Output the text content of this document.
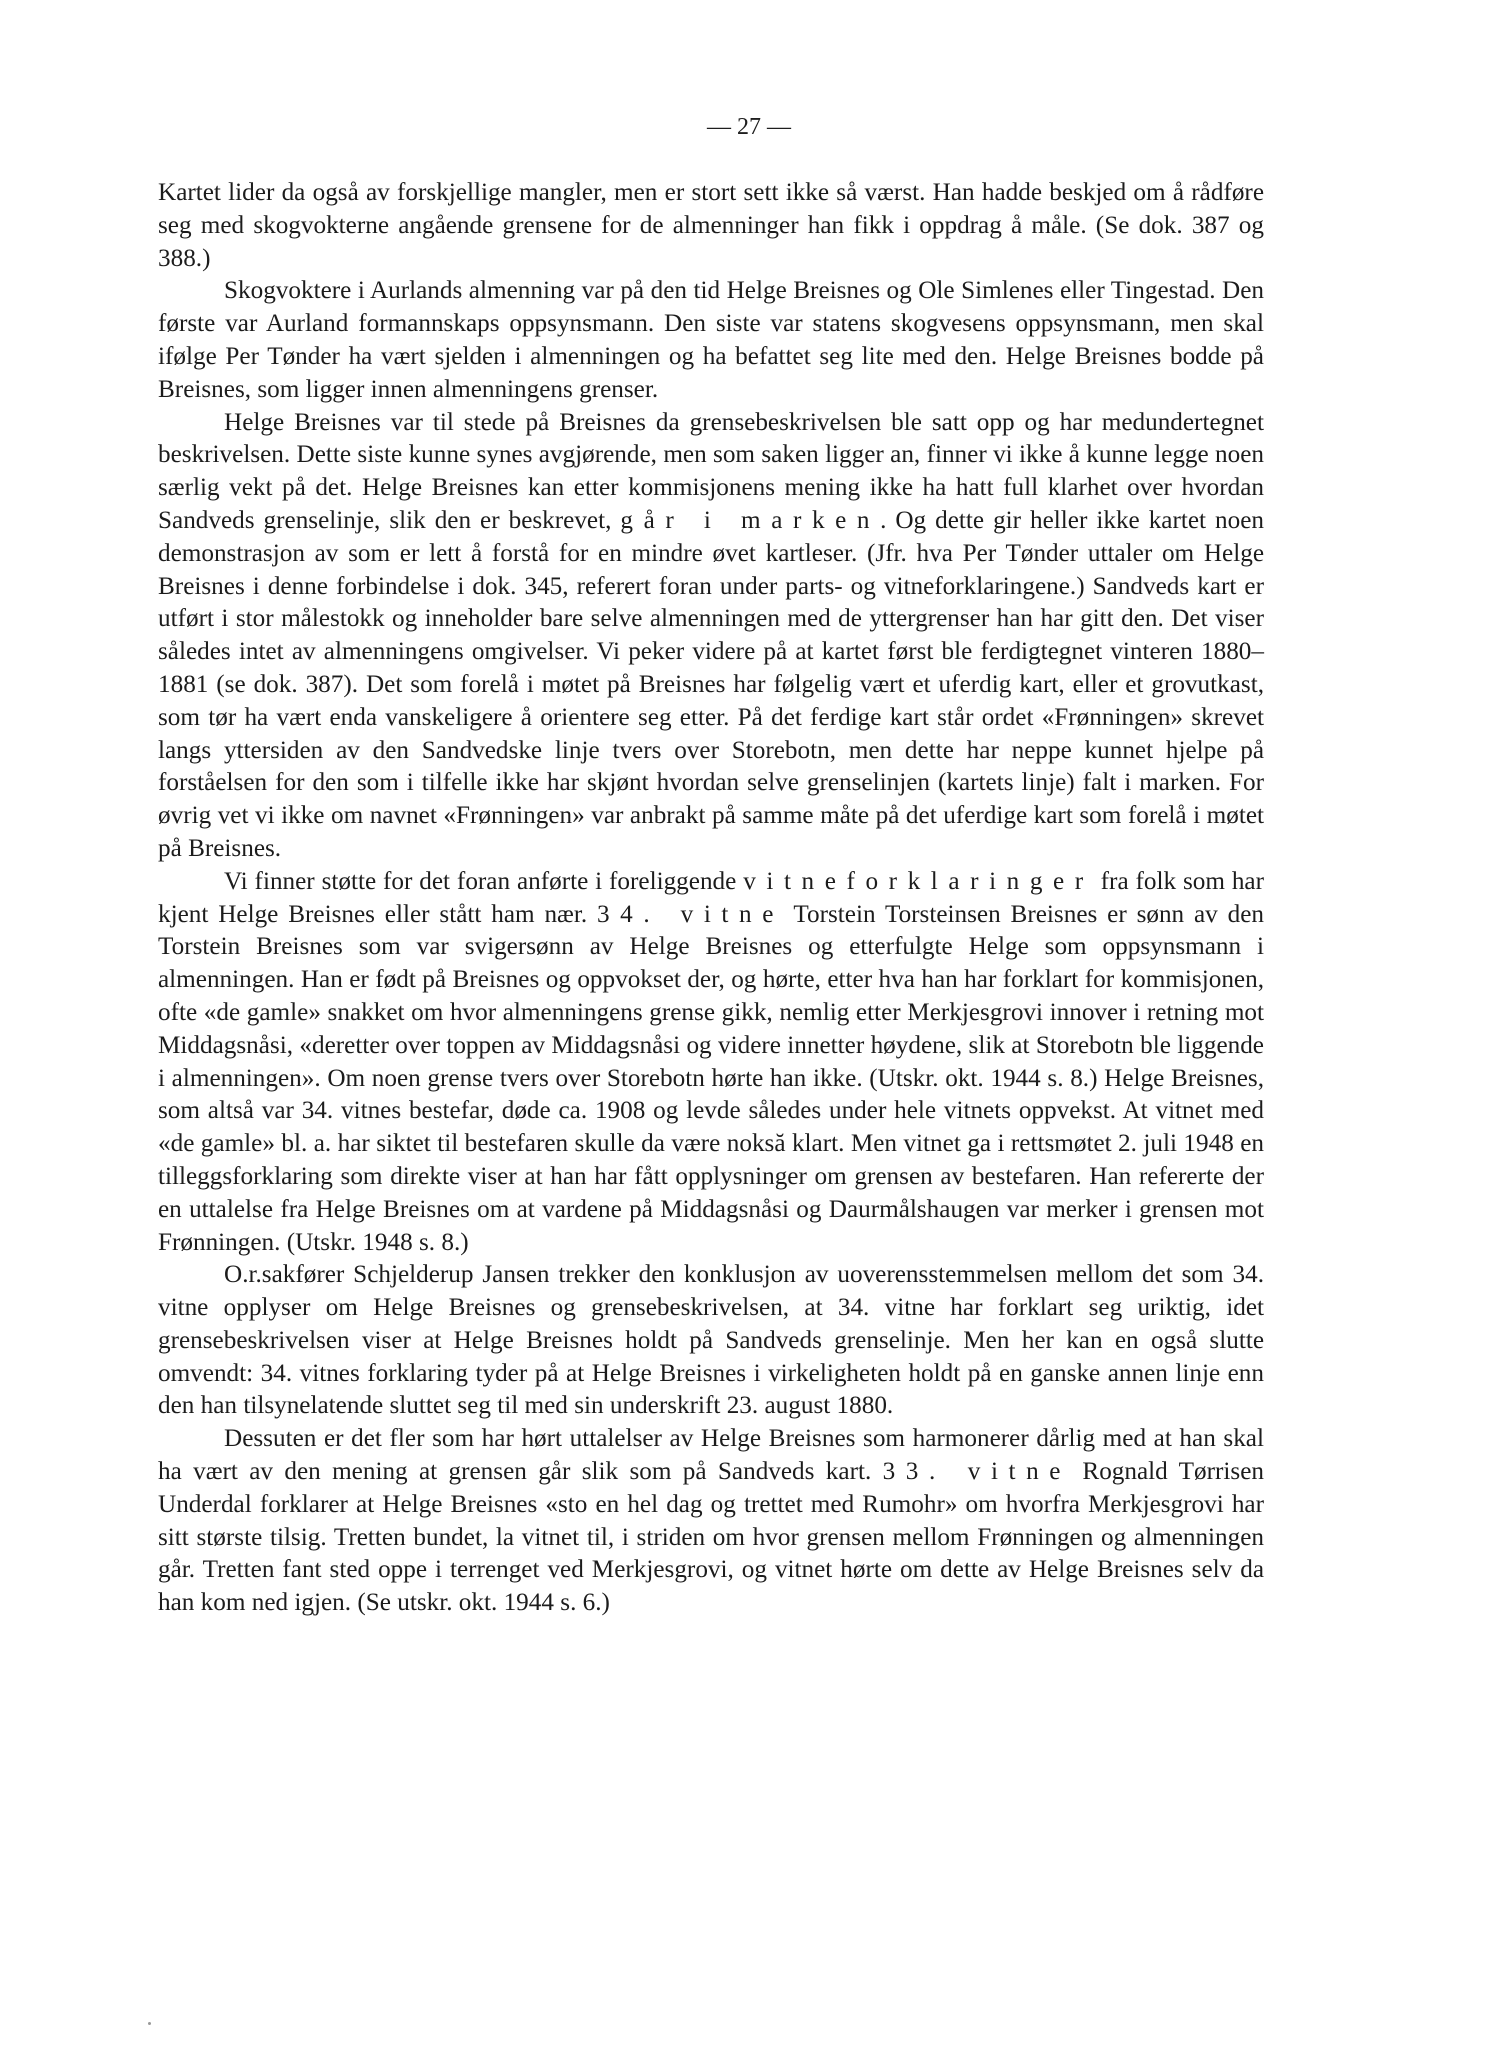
— 27 —

Kartet lider da også av forskjellige mangler, men er stort sett ikke så værst. Han hadde beskjed om å rådføre seg med skogvokterne angående grensene for de almenninger han fikk i oppdrag å måle. (Se dok. 387 og 388.)

Skogvoktere i Aurlands almenning var på den tid Helge Breisnes og Ole Simlenes eller Tingestad. Den første var Aurland formannskaps oppsynsmann. Den siste var statens skogvesens oppsynsmann, men skal ifølge Per Tønder ha vært sjelden i almenningen og ha befattet seg lite med den. Helge Breisnes bodde på Breisnes, som ligger innen almenningens grenser.

Helge Breisnes var til stede på Breisnes da grensebeskrivelsen ble satt opp og har medundertegnet beskrivelsen. Dette siste kunne synes avgjørende, men som saken ligger an, finner vi ikke å kunne legge noen særlig vekt på det. Helge Breisnes kan etter kommisjonens mening ikke ha hatt full klarhet over hvordan Sandveds grenselinje, slik den er beskrevet, går i marken. Og dette gir heller ikke kartet noen demonstrasjon av som er lett å forstå for en mindre øvet kartleser. (Jfr. hva Per Tønder uttaler om Helge Breisnes i denne forbindelse i dok. 345, referert foran under parts- og vitneforklaringene.) Sandveds kart er utført i stor målestokk og inneholder bare selve almenningen med de yttergrenser han har gitt den. Det viser således intet av almenningens omgivelser. Vi peker videre på at kartet først ble ferdigtegnet vinteren 1880–1881 (se dok. 387). Det som forelå i møtet på Breisnes har følgelig vært et uferdig kart, eller et grovutkast, som tør ha vært enda vanskeligere å orientere seg etter. På det ferdige kart står ordet «Frønningen» skrevet langs yttersiden av den Sandvedske linje tvers over Storebotn, men dette har neppe kunnet hjelpe på forståelsen for den som i tilfelle ikke har skjønt hvordan selve grenselinjen (kartets linje) falt i marken. For øvrig vet vi ikke om navnet «Frønningen» var anbrakt på samme måte på det uferdige kart som forelå i møtet på Breisnes.

Vi finner støtte for det foran anførte i foreliggende vitneforklaringer fra folk som har kjent Helge Breisnes eller stått ham nær. 34. vitne Torstein Torsteinsen Breisnes er sønn av den Torstein Breisnes som var svigersønn av Helge Breisnes og etterfulgte Helge som oppsynsmann i almenningen. Han er født på Breisnes og oppvokset der, og hørte, etter hva han har forklart for kommisjonen, ofte «de gamle» snakket om hvor almenningens grense gikk, nemlig etter Merkjesgrovi innover i retning mot Middagsnåsi, «deretter over toppen av Middagsnåsi og videre innetter høydene, slik at Storebotn ble liggende i almenningen». Om noen grense tvers over Storebotn hørte han ikke. (Utskr. okt. 1944 s. 8.) Helge Breisnes, som altså var 34. vitnes bestefar, døde ca. 1908 og levde således under hele vitnets oppvekst. At vitnet med «de gamle» bl. a. har siktet til bestefaren skulle da være noksă klart. Men vitnet ga i rettsmøtet 2. juli 1948 en tilleggsforklaring som direkte viser at han har fått opplysninger om grensen av bestefaren. Han refererte der en uttalelse fra Helge Breisnes om at vardene på Middagsnåsi og Daurmålshaugen var merker i grensen mot Frønningen. (Utskr. 1948 s. 8.)

O.r.sakfører Schjelderup Jansen trekker den konklusjon av uoverensstemmelsen mellom det som 34. vitne opplyser om Helge Breisnes og grensebeskrivelsen, at 34. vitne har forklart seg uriktig, idet grensebeskrivelsen viser at Helge Breisnes holdt på Sandveds grenselinje. Men her kan en også slutte omvendt: 34. vitnes forklaring tyder på at Helge Breisnes i virkeligheten holdt på en ganske annen linje enn den han tilsynelatende sluttet seg til med sin underskrift 23. august 1880.

Dessuten er det fler som har hørt uttalelser av Helge Breisnes som harmonerer dårlig med at han skal ha vært av den mening at grensen går slik som på Sandveds kart. 33. vitne Rognald Tørrisen Underdal forklarer at Helge Breisnes «sto en hel dag og trettet med Rumohr» om hvorfra Merkjesgrovi har sitt største tilsig. Tretten bundet, la vitnet til, i striden om hvor grensen mellom Frønningen og almenningen går. Tretten fant sted oppe i terrenget ved Merkjesgrovi, og vitnet hørte om dette av Helge Breisnes selv da han kom ned igjen. (Se utskr. okt. 1944 s. 6.)
